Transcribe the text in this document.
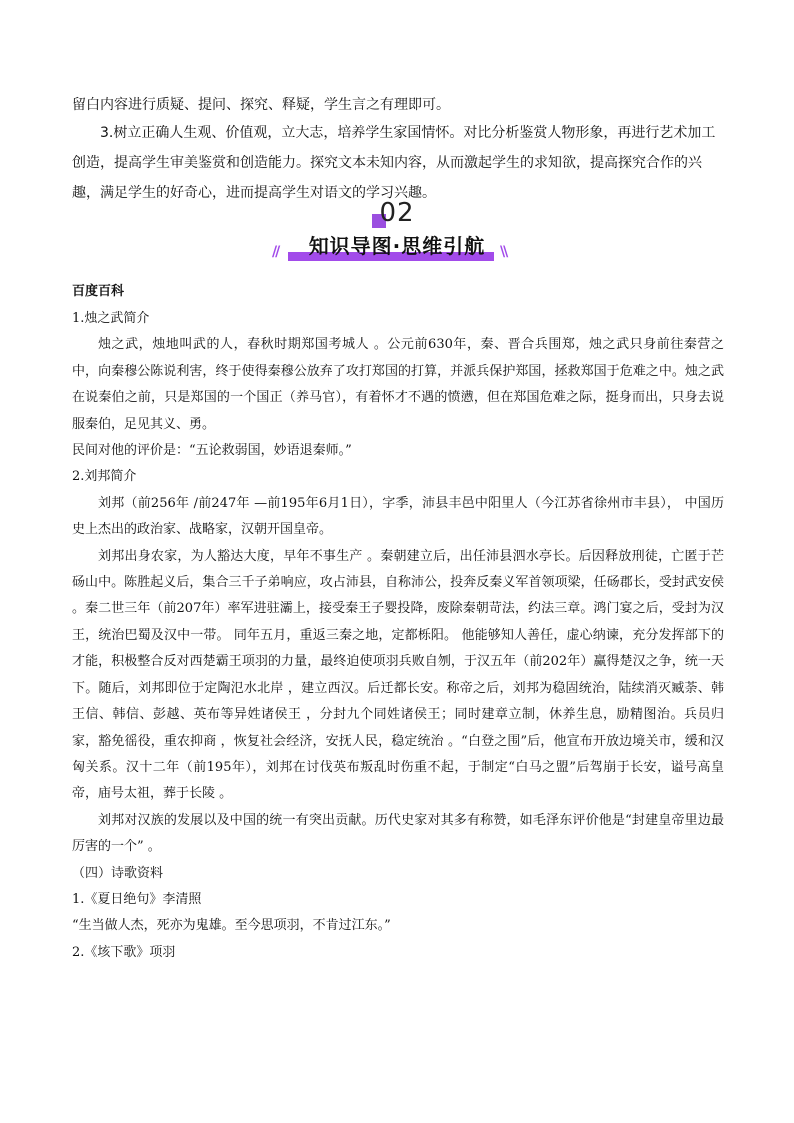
留白内容进行质疑、提问、探究、释疑，学生言之有理即可。

3.树立正确人生观、价值观，立大志，培养学生家国情怀。对比分析鉴赏人物形象，再进行艺术加工创造，提高学生审美鉴赏和创造能力。探究文本未知内容，从而激起学生的求知欲，提高探究合作的兴趣，满足学生的好奇心，进而提高学生对语文的学习兴趣。

02
//	知识导图·思维引航	\\

百度百科

1.烛之武简介

烛之武，烛地叫武的人，春秋时期郑国考城人 。公元前630年，秦、晋合兵围郑，烛之武只身前往秦营之中，向秦穆公陈说利害，终于使得秦穆公放弃了攻打郑国的打算，并派兵保护郑国，拯救郑国于危难之中。烛之武在说秦伯之前，只是郑国的一个国正（养马官），有着怀才不遇的愤懑，但在郑国危难之际，挺身而出，只身去说服秦伯，足见其义、勇。

民间对他的评价是：“五论救弱国，妙语退秦师。”

2.刘邦简介

刘邦（前256年 /前247年 —前195年6月1日），字季，沛县丰邑中阳里人（今江苏省徐州市丰县）， 中国历史上杰出的政治家、战略家，汉朝开国皇帝。

刘邦出身农家，为人豁达大度，早年不事生产 。秦朝建立后，出任沛县泗水亭长。后因释放刑徒，亡匿于芒砀山中。陈胜起义后，集合三千子弟响应，攻占沛县，自称沛公，投奔反秦义军首领项梁，任砀郡长，受封武安侯 。秦二世三年（前207年）率军进驻灞上，接受秦王子婴投降，废除秦朝苛法，约法三章。鸿门宴之后，受封为汉王，统治巴蜀及汉中一带。 同年五月，重返三秦之地，定都栎阳。 他能够知人善任，虚心纳谏，充分发挥部下的才能，积极整合反对西楚霸王项羽的力量，最终迫使项羽兵败自刎，于汉五年（前202年）赢得楚汉之争，统一天下。随后，刘邦即位于定陶氾水北岸 ，建立西汉。后迁都长安。称帝之后，刘邦为稳固统治，陆续消灭臧荼、韩王信、韩信、彭越、英布等异姓诸侯王 ，分封九个同姓诸侯王；同时建章立制，休养生息，励精图治。兵员归家，豁免徭役，重农抑商 ，恢复社会经济，安抚人民，稳定统治 。“白登之围”后，他宣布开放边境关市，缓和汉匈关系。汉十二年（前195年），刘邦在讨伐英布叛乱时伤重不起，于制定“白马之盟”后驾崩于长安，谥号高皇帝，庙号太祖，葬于长陵 。

刘邦对汉族的发展以及中国的统一有突出贡献。历代史家对其多有称赞，如毛泽东评价他是“封建皇帝里边最厉害的一个” 。

（四）诗歌资料

1.《夏日绝句》李清照

“生当做人杰，死亦为鬼雄。至今思项羽，不肯过江东。”

2.《垓下歌》项羽
